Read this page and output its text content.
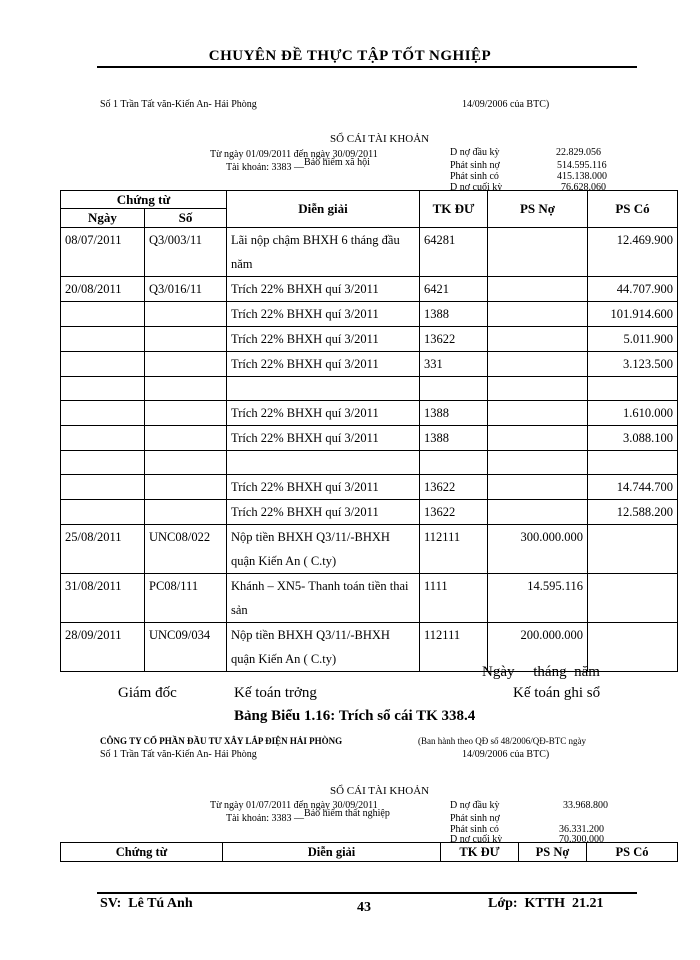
CHUYÊN ĐỀ THỰC TẬP TỐT NGHIỆP
Số 1 Trần Tất văn-Kiến An- Hải Phòng	14/09/2006 của BTC)
SỔ CÁI TÀI KHOẢN
Từ ngày 01/09/2011 đến ngày 30/09/2011
Tài khoản: 3383 —Bảo hiểm xã hội
D nợ đầu kỳ	22.829.056
Phát sinh nợ	514.595.116
Phát sinh có	415.138.000
D nợ cuối kỳ	76.628.060
Chứng từ		Diễn giải	TK ĐƯ	PS Nợ	PS Có
Ngày	Số				
08/07/2011	Q3/003/11	Lãi nộp chậm BHXH 6 tháng đầu năm	64281		12.469.900
20/08/2011	Q3/016/11	Trích 22% BHXH quí 3/2011	6421		44.707.900
		Trích 22% BHXH quí 3/2011	1388		101.914.600
		Trích 22% BHXH quí 3/2011	13622		5.011.900
		Trích 22% BHXH quí 3/2011	331		3.123.500

		Trích 22% BHXH quí 3/2011	1388		1.610.000
		Trích 22% BHXH quí 3/2011	1388		3.088.100

		Trích 22% BHXH quí 3/2011	13622		14.744.700
		Trích 22% BHXH quí 3/2011	13622		12.588.200
25/08/2011	UNC08/022	Nộp tiền BHXH Q3/11/-BHXH quận Kiến An ( C.ty)	112111	300.000.000	
31/08/2011	PC08/111	Khánh – XN5- Thanh toán tiền thai sản	1111	14.595.116	
28/09/2011	UNC09/034	Nộp tiền BHXH Q3/11/-BHXH quận Kiến An ( C.ty)	112111	200.000.000	
Ngày     tháng  năm
Giám đốc	Kế toán trởng	Kế toán ghi sổ
Bảng Biểu 1.16: Trích sổ cái TK 338.4
CÔNG TY CỔ PHẦN ĐẦU TƯ XÂY LẮP ĐIỆN HẢI PHÒNG	(Ban hành theo QĐ số 48/2006/QĐ-BTC ngày
Số 1 Trần Tất văn-Kiến An- Hải Phòng	14/09/2006 của BTC)
SỔ CÁI TÀI KHOẢN
Từ ngày 01/07/2011 đến ngày 30/09/2011
Tài khoản: 3383 —Bảo hiểm thất nghiệp
D nợ đầu kỳ	33.968.800
Phát sinh nợ
Phát sinh có	36.331.200
D nợ cuối kỳ	70.300.000
Chứng từ	Diễn giải	TK ĐƯ	PS Nợ	PS Có
SV:  Lê Tú Anh	43	Lớp:  KTTH  21.21
